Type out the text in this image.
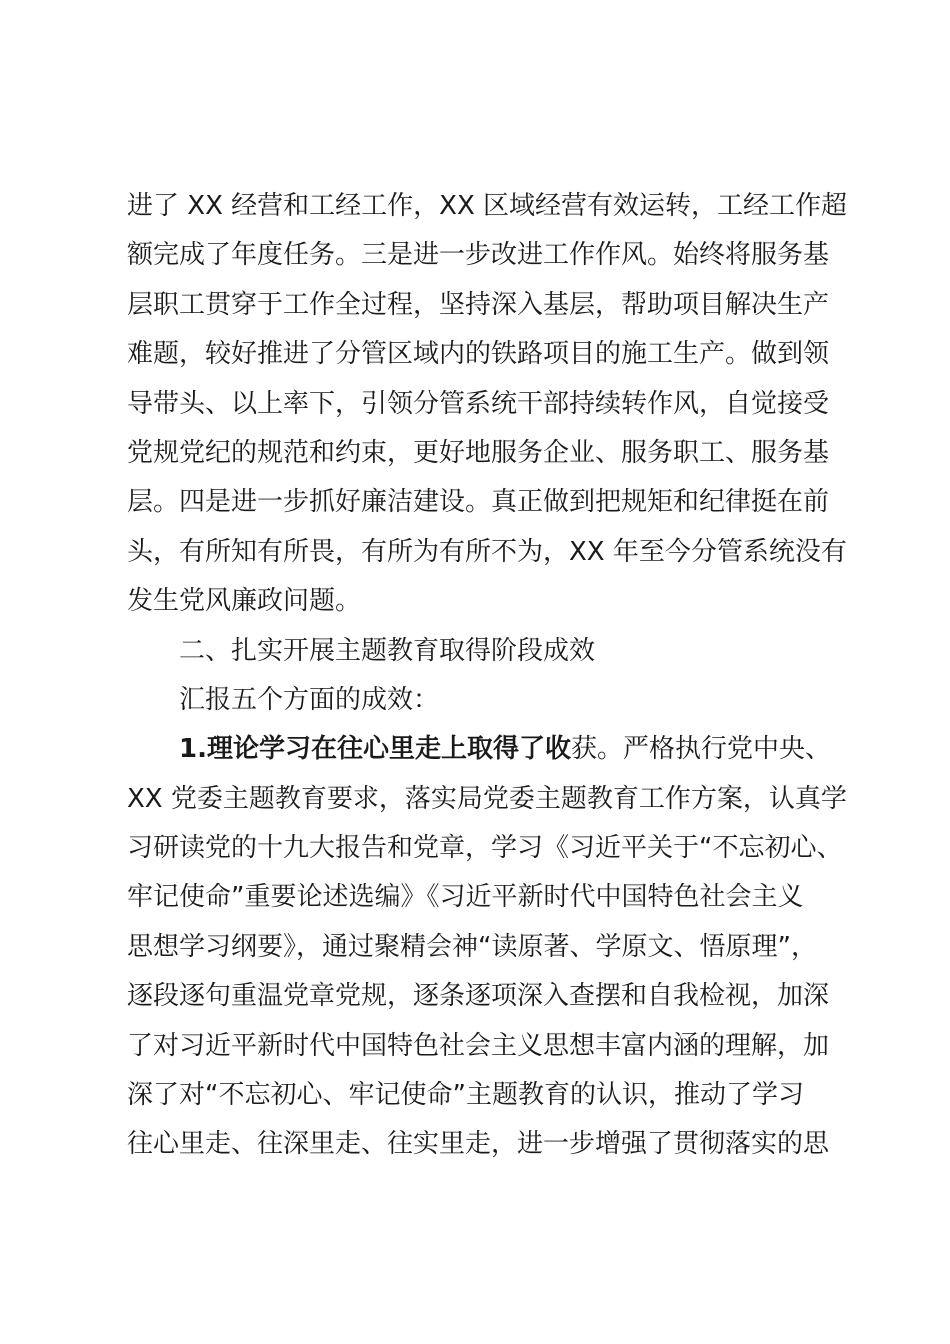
进了 XX 经营和工经工作，XX 区域经营有效运转，工经工作超
额完成了年度任务。三是进一步改进工作作风。始终将服务基
层职工贯穿于工作全过程，坚持深入基层，帮助项目解决生产
难题，较好推进了分管区域内的铁路项目的施工生产。做到领
导带头、以上率下，引领分管系统干部持续转作风，自觉接受
党规党纪的规范和约束，更好地服务企业、服务职工、服务基
层。四是进一步抓好廉洁建设。真正做到把规矩和纪律挺在前
头，有所知有所畏，有所为有所不为，XX 年至今分管系统没有
发生党风廉政问题。
二、扎实开展主题教育取得阶段成效
汇报五个方面的成效：
1.理论学习在往心里走上取得了收获。严格执行党中央、
XX 党委主题教育要求，落实局党委主题教育工作方案，认真学
习研读党的十九大报告和党章，学习《习近平关于“不忘初心、
牢记使命”重要论述选编》《习近平新时代中国特色社会主义
思想学习纲要》，通过聚精会神“读原著、学原文、悟原理”，
逐段逐句重温党章党规，逐条逐项深入查摆和自我检视，加深
了对习近平新时代中国特色社会主义思想丰富内涵的理解，加
深了对“不忘初心、牢记使命”主题教育的认识，推动了学习
往心里走、往深里走、往实里走，进一步增强了贯彻落实的思
